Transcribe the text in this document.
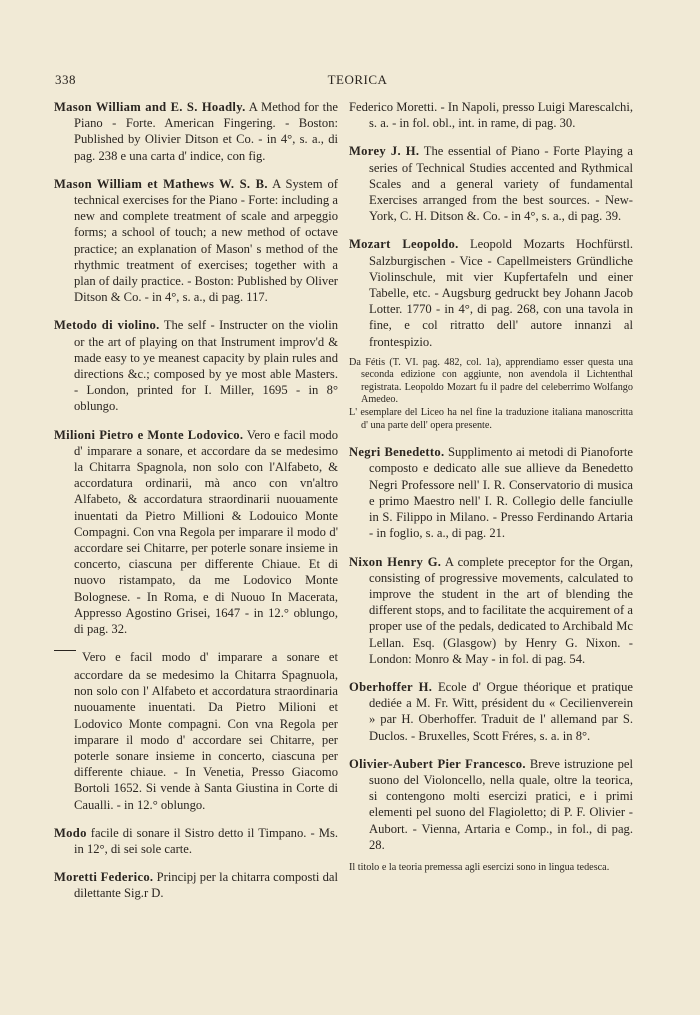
338	TEORICA

Mason William and E. S. Hoadly. A Method for the Piano - Forte. American Fingering. - Boston: Published by Olivier Ditson et Co. - in 4°, s. a., di pag. 238 e una carta d' indice, con fig.

Mason William et Mathews W. S. B. A System of technical exercises for the Piano - Forte: including a new and complete treatment of scale and arpeggio forms; a school of touch; a new method of octave practice; an explanation of Mason' s method of the rhythmic treatment of exercises; together with a plan of daily practice. - Boston: Published by Oliver Ditson & Co. - in 4°, s. a., di pag. 117.

Metodo di violino. The self - Instructer on the violin or the art of playing on that Instrument improv'd & made easy to ye meanest capacity by plain rules and directions &c.; composed by ye most able Masters. - London, printed for I. Miller, 1695 - in 8° oblungo.

Milioni Pietro e Monte Lodovico. Vero e facil modo d' imparare a sonare, et accordare da se medesimo la Chitarra Spagnola, non solo con l'Alfabeto, & accordatura ordinarii, mà anco con vn'altro Alfabeto, & accordatura straordinarii nuouamente inuentati da Pietro Millioni & Lodouico Monte Compagni. Con vna Regola per imparare il modo d' accordare sei Chitarre, per poterle sonare insieme in concerto, ciascuna per differente Chiaue. Et di nuovo ristampato, da me Lodovico Monte Bolognese. - In Roma, e di Nuouo In Macerata, Appresso Agostino Grisei, 1647 - in 12.° oblungo, di pag. 32.

Vero e facil modo d' imparare a sonare et accordare da se medesimo la Chitarra Spagnuola, non solo con l' Alfabeto et accordatura straordinaria nuouamente inuentati. Da Pietro Milioni et Lodovico Monte compagni. Con vna Regola per imparare il modo d' accordare sei Chitarre, per poterle sonare insieme in concerto, ciascuna per differente chiaue. - In Venetia, Presso Giacomo Bortoli 1652. Si vende à Santa Giustina in Corte di Caualli. - in 12.° oblungo.

Modo facile di sonare il Sistro detto il Timpano. - Ms. in 12°, di sei sole carte.

Moretti Federico. Principj per la chitarra composti dal dilettante Sig.r D.

Federico Moretti. - In Napoli, presso Luigi Marescalchi, s. a. - in fol. obl., int. in rame, di pag. 30.

Morey J. H. The essential of Piano - Forte Playing a series of Technical Studies accented and Rythmical Scales and a general variety of fundamental Exercises arranged from the best sources. - New-York, C. H. Ditson &. Co. - in 4°, s. a., di pag. 39.

Mozart Leopoldo. Leopold Mozarts Hochfürstl. Salzburgischen - Vice - Capellmeisters Gründliche Violinschule, mit vier Kupfertafeln und einer Tabelle, etc. - Augsburg gedruckt bey Johann Jacob Lotter. 1770 - in 4°, di pag. 268, con una tavola in fine, e col ritratto dell' autore innanzi al frontespizio.

Da Fétis (T. VI. pag. 482, col. 1a), apprendiamo esser questa una seconda edizione con aggiunte, non avendola il Lichtenthal registrata. Leopoldo Mozart fu il padre del celeberrimo Wolfango Amedeo.

L' esemplare del Liceo ha nel fine la traduzione italiana manoscritta d' una parte dell' opera presente.

Negri Benedetto. Supplimento ai metodi di Pianoforte composto e dedicato alle sue allieve da Benedetto Negri Professore nell' I. R. Conservatorio di musica e primo Maestro nell' I. R. Collegio delle fanciulle in S. Filippo in Milano. - Presso Ferdinando Artaria - in foglio, s. a., di pag. 21.

Nixon Henry G. A complete preceptor for the Organ, consisting of progressive movements, calculated to improve the student in the art of blending the different stops, and to facilitate the acquirement of a proper use of the pedals, dedicated to Archibald Mc Lellan. Esq. (Glasgow) by Henry G. Nixon. - London: Monro & May - in fol. di pag. 54.

Oberhoffer H. Ecole d' Orgue théorique et pratique dediée a M. Fr. Witt, président du « Cecilienverein » par H. Oberhoffer. Traduit de l' allemand par S. Duclos. - Bruxelles, Scott Fréres, s. a. in 8°.

Olivier-Aubert Pier Francesco. Breve istruzione pel suono del Violoncello, nella quale, oltre la teorica, si contengono molti esercizi pratici, e i primi elementi pel suono del Flagioletto; di P. F. Olivier - Aubort. - Vienna, Artaria e Comp., in fol., di pag. 28.

Il titolo e la teoria premessa agli esercizi sono in lingua tedesca.
